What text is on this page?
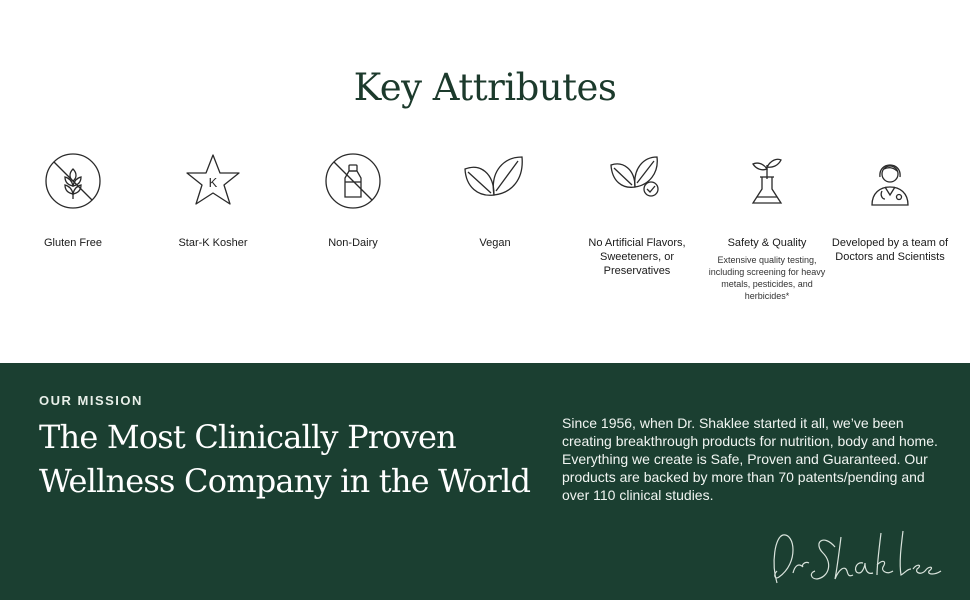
Key Attributes
Gluten Free
K
Star-K Kosher	Non-Dairy	Vegan	No Artificial Flavors, Sweeteners, or Preservatives
Safety & Quality
Extensive quality testing, including screening for heavy metals, pesticides, and herbicides*
Developed by a team of Doctors and Scientists
OUR MISSION
The Most Clinically Proven Wellness Company in the World
Since 1956, when Dr. Shaklee started it all, we’ve been creating breakthrough products for nutrition, body and home. Everything we create is Safe, Proven and Guaranteed. Our products are backed by more than 70 patents/pending and over 110 clinical studies.
